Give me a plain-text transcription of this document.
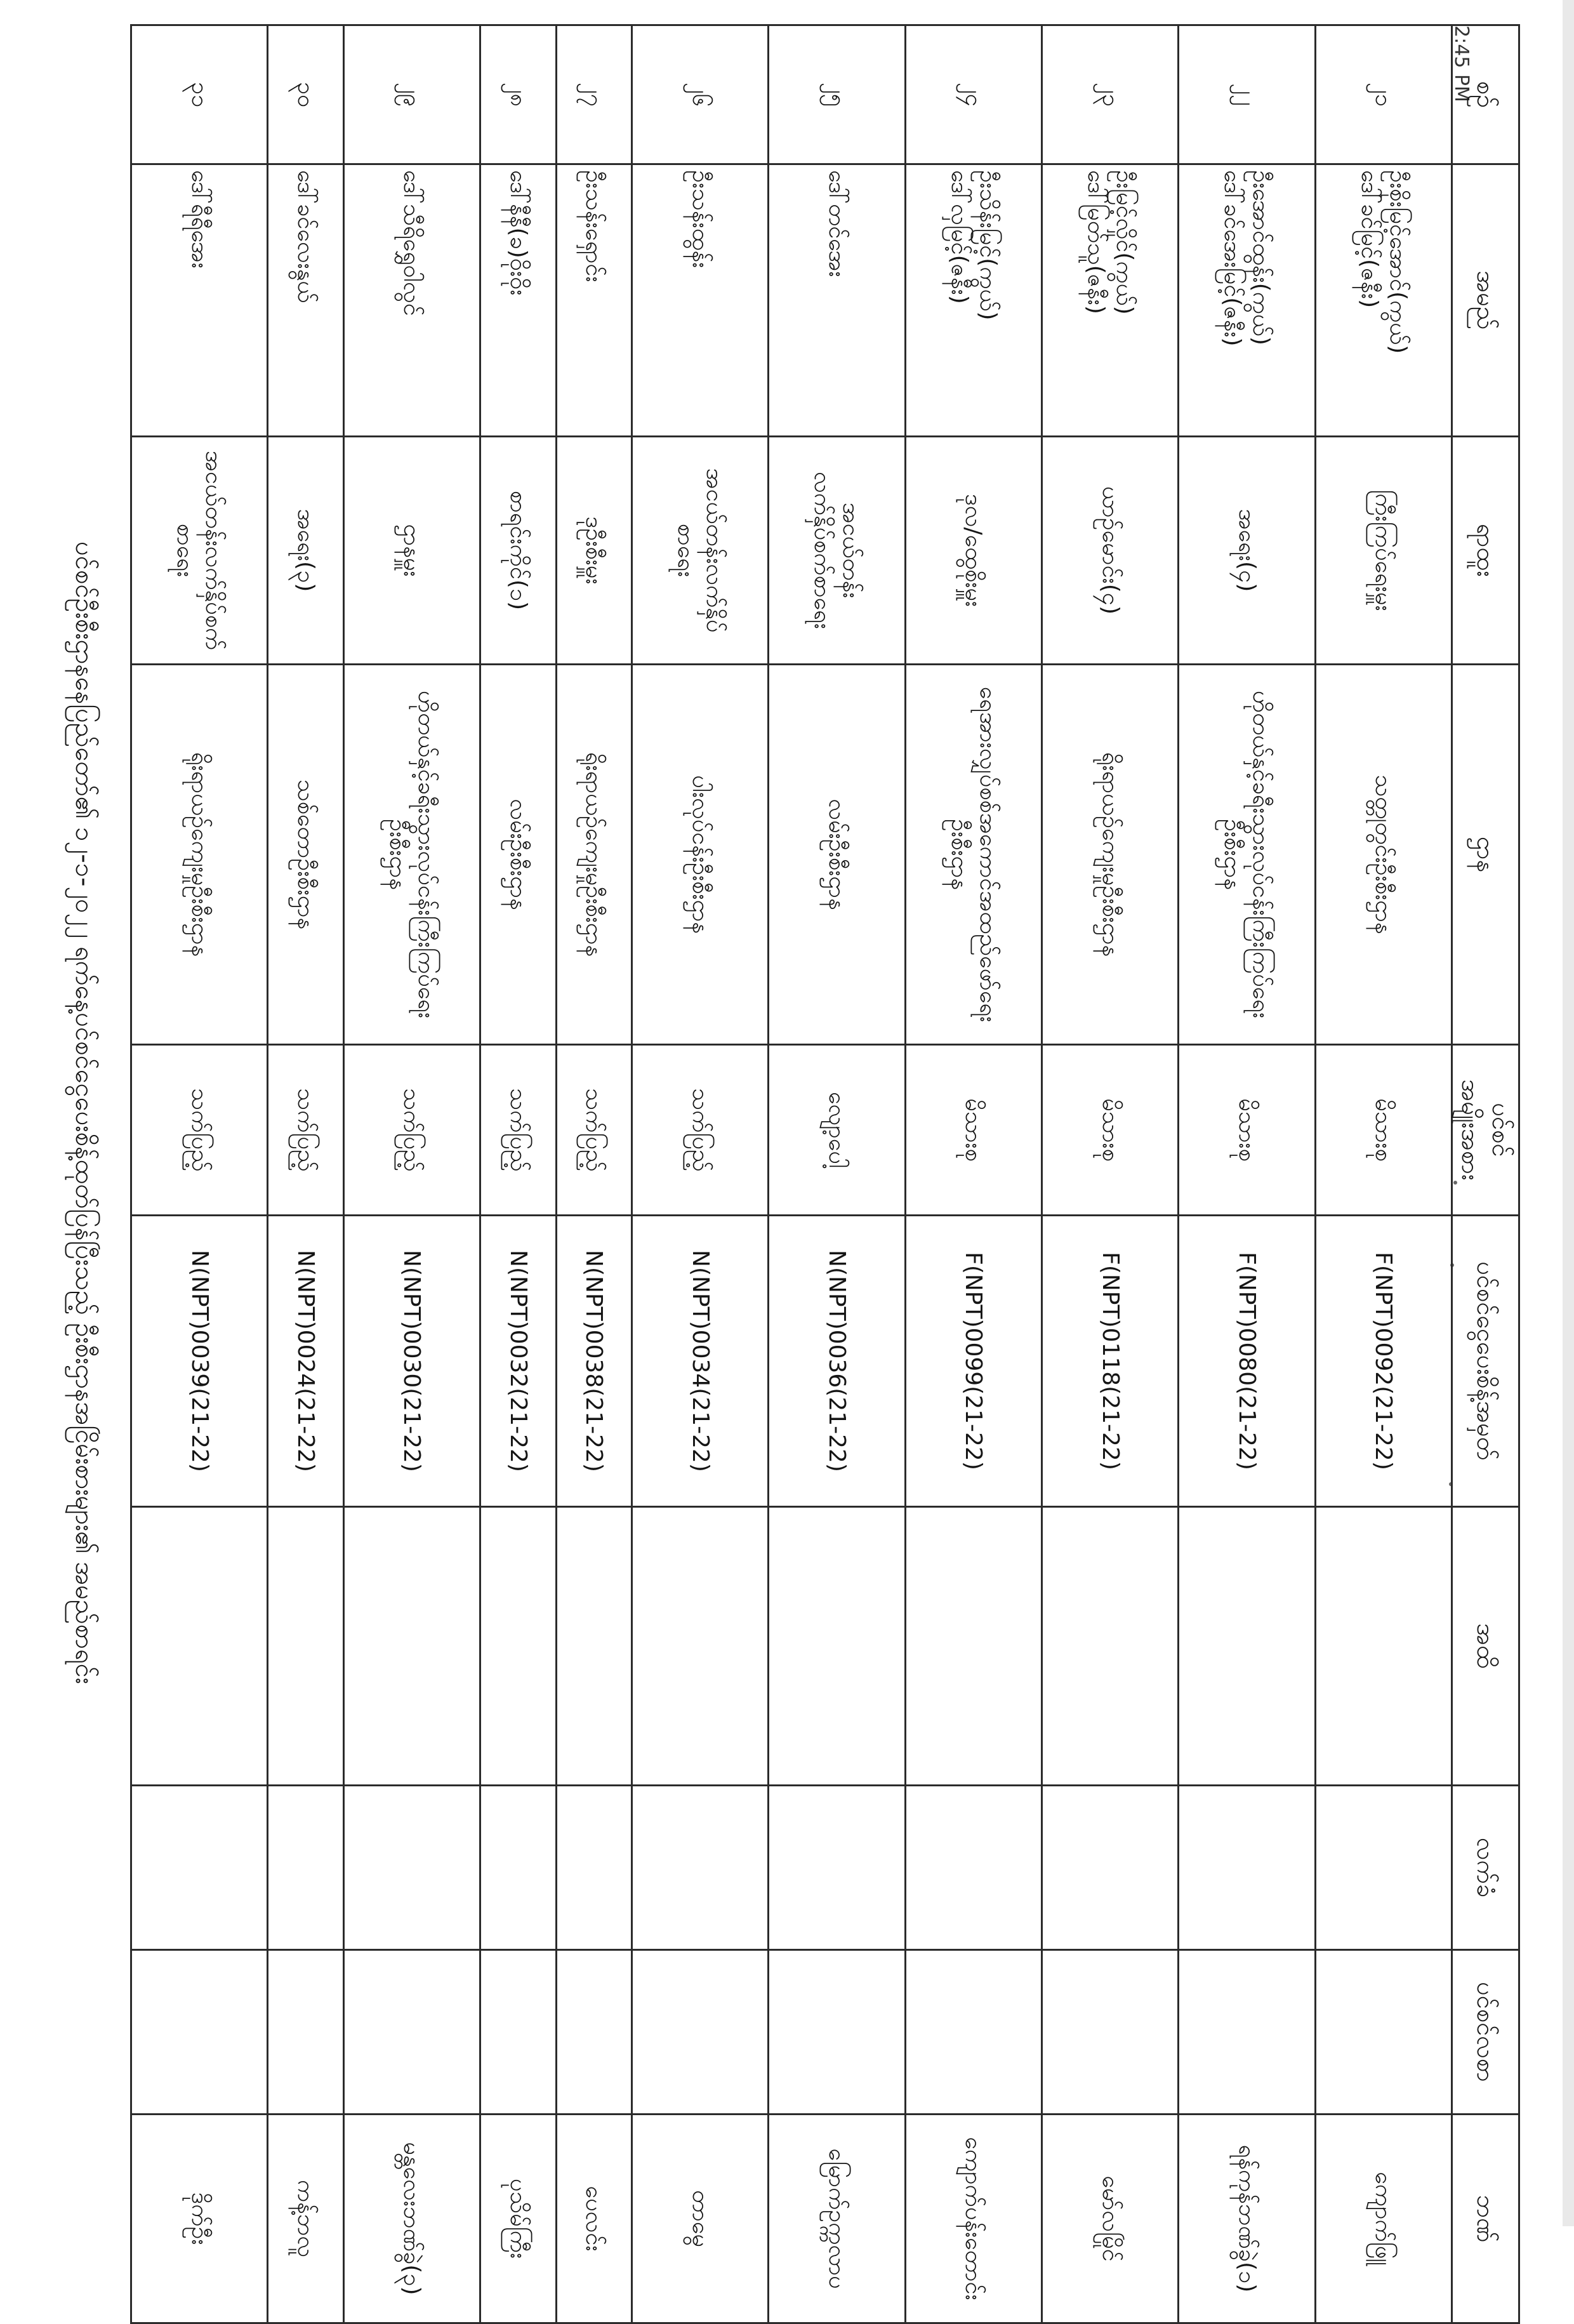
2:45 PM စဉ်	အမည်	ရာထူး	ဌာန	ပင်စင်
အမျိုးအစား	ပင်စင်ငွေပေးစိန့်အမှတ်	အထိ	လက်ခံ	ပင်စင်လစာ	ဘဏ်
၂၁	ဦးစိုးမြင့်အောင်(ကွယ်)
ဒေါ်ခင်မြင့်(ဇနီး)	ကြီးကြပ်ရေးမှူး	သတ္တုတွင်းဦးစီးဌာန	မိသားစု	F(NPT)0092(21-22)				ကျောက်ဖြူ
၂၂	ဦးအောင်ထွန်း(ကွယ်)
ဒေါ်ခင်အေးမြင့်(ဇနီး)	အရေး(၄)	ဟိုတယ်နှင့်ခရီးသွားလုပ်ငန်းကြီးကြပ်ရေးဦးစီးဌာန	မိသားစု	F(NPT)0080(21-22)				ရန်ကုန်ဘဏ်ခွဲ(၁)
၂၃	ဦးမြင့်လှိုင်(ကွယ်)
ဒေါ်မြတ်သူ(ဇနီး)	ယာဉ်မောင်း(၄)	ရိုးရာယဉ်ကျေးမှုဦးစီးဌာန	မိသားစု	F(NPT)0118(21-22)				မော်လမြိုင်
၂၄	ဦးသိန်းမြင့်(ကွယ်)
ဒေါ်လှမြင့်(ဇနီး)	ဒုလ/ထွေစိုးမှူး	ရေအားလျှပ်စစ်အကောင်အထည်ဖော်ရေး
ဦးစီးဌာန	မိသားစု	F(NPT)0099(21-22)				ကျောက်ပန်းတောင်း
၂၅	ဒေါ်တင်အေး	အငယ်တန်း
လက်နှိပ်စက်စာရေး	လမ်းဦးစီးဌာန	လျော့ပေါ့	N(NPT)0036(21-22)				မြောက်ဥက္ကလာပ
၂၆	ဦးသန်းထွန်း	အငယ်တန်းလက်နှိပ်စာရေး	ပါးလုပ်ငန်းဦးစီးဌာန	သက်ပြည့်	N(NPT)0034(21-22)				တာမွေ
၂၇	ဦးသန်းရှောင်း	ဒုဦးစီးမှူး	ရိုးရာယဉ်ကျေးမှုဦးစီးဌာန	သက်ပြည့်	N(NPT)0038(21-22)				ပေလင်း
၂၈	ဒေါ်နီနီ(ခ)ဝိုးဝိုး	စာရင်းကိုင်(၁)	လမ်းဦးစီးဌာန	သက်ပြည့်	N(NPT)0032(21-22)				ပုသိမ်ကြီး
၂၉	ဒေါ်သီရိရွှေဝါလွင်	ဌာနမှူး	ဟိုတယ်နှင့်ခရီးသွားလုပ်ငန်းကြီးကြပ်ရေးဦးစီးဌာန	သက်ပြည့်	N(NPT)0030(21-22)				မန္တလေးဘဏ်ခွဲ(၃)
၃၀	ဒေါ်ခင်လေးနွယ်	အရေး(၃)	သစ်တောဦးစီးဌာန	သက်ပြည့်	N(NPT)0024(21-22)				ကန့်ဘလူ
၃၁	ဒေါ်ရီရီအေး	အငယ်တန်းလက်နှိပ်စက်
စာရေး	ရိုးရာယဉ်ကျေးမှုဦးစီးဌာန	သက်ပြည့်	N(NPT)0039(21-22)				ဒိုက်ဦး
ပင်စင်ဦးစီးဌာနနေပြည်တော်၏ ၁၂-၁-၂၀၂၂ ရက်နေ့ပင်စင်ငွေပေးစိန့်ထုတ်ပြန်ပြီးသည့် ဦးစီးဌာနအငြိမ်းစားများ၏ အမည်စာရင်း
